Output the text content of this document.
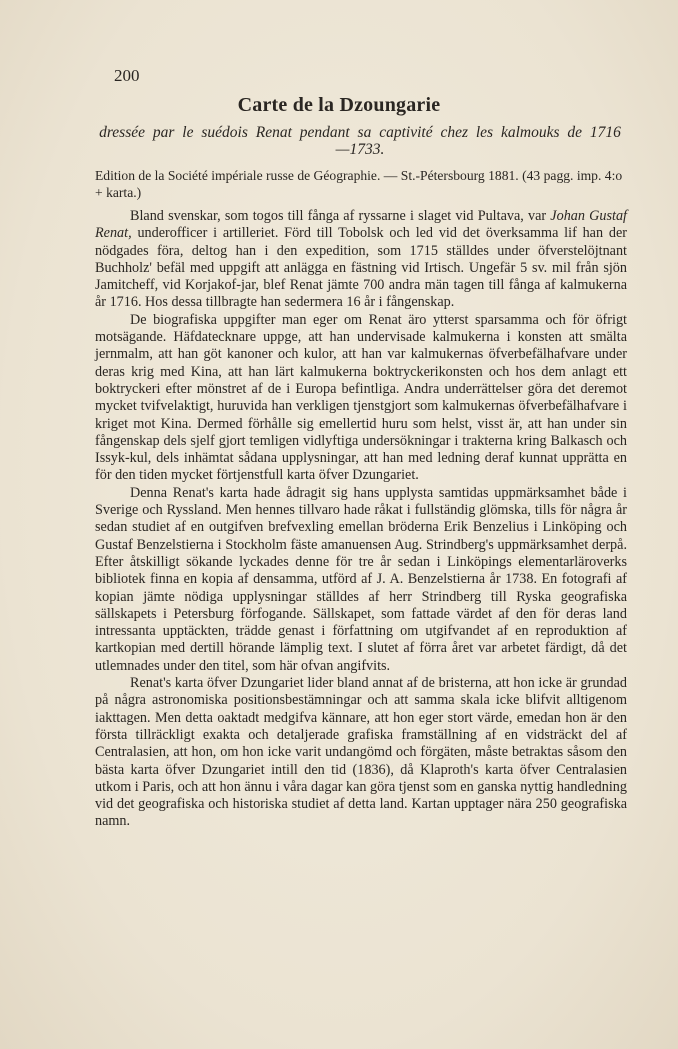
200
Carte de la Dzoungarie
dressée par le suédois Renat pendant sa captivité chez les kalmouks de 1716—1733.
Edition de la Société impériale russe de Géographie. — St.-Pétersbourg 1881. (43 pagg. imp. 4:o + karta.)

Bland svenskar, som togos till fånga af ryssarne i slaget vid Pultava, var Johan Gustaf Renat, underofficer i artilleriet. Förd till Tobolsk och led vid det överksamma lif han der nödgades föra, deltog han i den expedition, som 1715 ställdes under öfverstelöjtnant Buchholz' befäl med uppgift att anlägga en fästning vid Irtisch. Ungefär 5 sv. mil från sjön Jamitcheff, vid Korjakof-jar, blef Renat jämte 700 andra män tagen till fånga af kalmukerna år 1716. Hos dessa tillbragte han sedermera 16 år i fångenskap.

De biografiska uppgifter man eger om Renat äro ytterst sparsamma och för öfrigt motsägande. Häfdatecknare uppge, att han undervisade kalmukerna i konsten att smälta jernmalm, att han göt kanoner och kulor, att han var kalmukernas öfverbefälhafvare under deras krig med Kina, att han lärt kalmukerna boktryckerikonsten och hos dem anlagt ett boktryckeri efter mönstret af de i Europa befintliga. Andra underrättelser göra det deremot mycket tvifvelaktigt, huruvida han verkligen tjenstgjort som kalmukernas öfverbefälhafvare i kriget mot Kina. Dermed förhålle sig emellertid huru som helst, visst är, att han under sin fångenskap dels sjelf gjort temligen vidlyftiga undersökningar i trakterna kring Balkasch och Issyk-kul, dels inhämtat sådana upplysningar, att han med ledning deraf kunnat upprätta en för den tiden mycket förtjenstfull karta öfver Dzungariet.

Denna Renat's karta hade ådragit sig hans upplysta samtidas uppmärksamhet både i Sverige och Ryssland. Men hennes tillvaro hade råkat i fullständig glömska, tills för några år sedan studiet af en outgifven brefvexling emellan bröderna Erik Benzelius i Linköping och Gustaf Benzelstierna i Stockholm fäste amanuensen Aug. Strindberg's uppmärksamhet derpå. Efter åtskilligt sökande lyckades denne för tre år sedan i Linköpings elementarläroverks bibliotek finna en kopia af densamma, utförd af J. A. Benzelstierna år 1738. En fotografi af kopian jämte nödiga upplysningar ställdes af herr Strindberg till Ryska geografiska sällskapets i Petersburg förfogande. Sällskapet, som fattade värdet af den för deras land intressanta upptäckten, trädde genast i författning om utgifvandet af en reproduktion af kartkopian med dertill hörande lämplig text. I slutet af förra året var arbetet färdigt, då det utlemnades under den titel, som här ofvan angifvits.

Renat's karta öfver Dzungariet lider bland annat af de bristerna, att hon icke är grundad på några astronomiska positionsbestämningar och att samma skala icke blifvit alltigenom iakttagen. Men detta oaktadt medgifva kännare, att hon eger stort värde, emedan hon är den första tillräckligt exakta och detaljerade grafiska framställning af en vidsträckt del af Centralasien, att hon, om hon icke varit undangömd och förgäten, måste betraktas såsom den bästa karta öfver Dzungariet intill den tid (1836), då Klaproth's karta öfver Centralasien utkom i Paris, och att hon ännu i våra dagar kan göra tjenst som en ganska nyttig handledning vid det geografiska och historiska studiet af detta land. Kartan upptager nära 250 geografiska namn.
